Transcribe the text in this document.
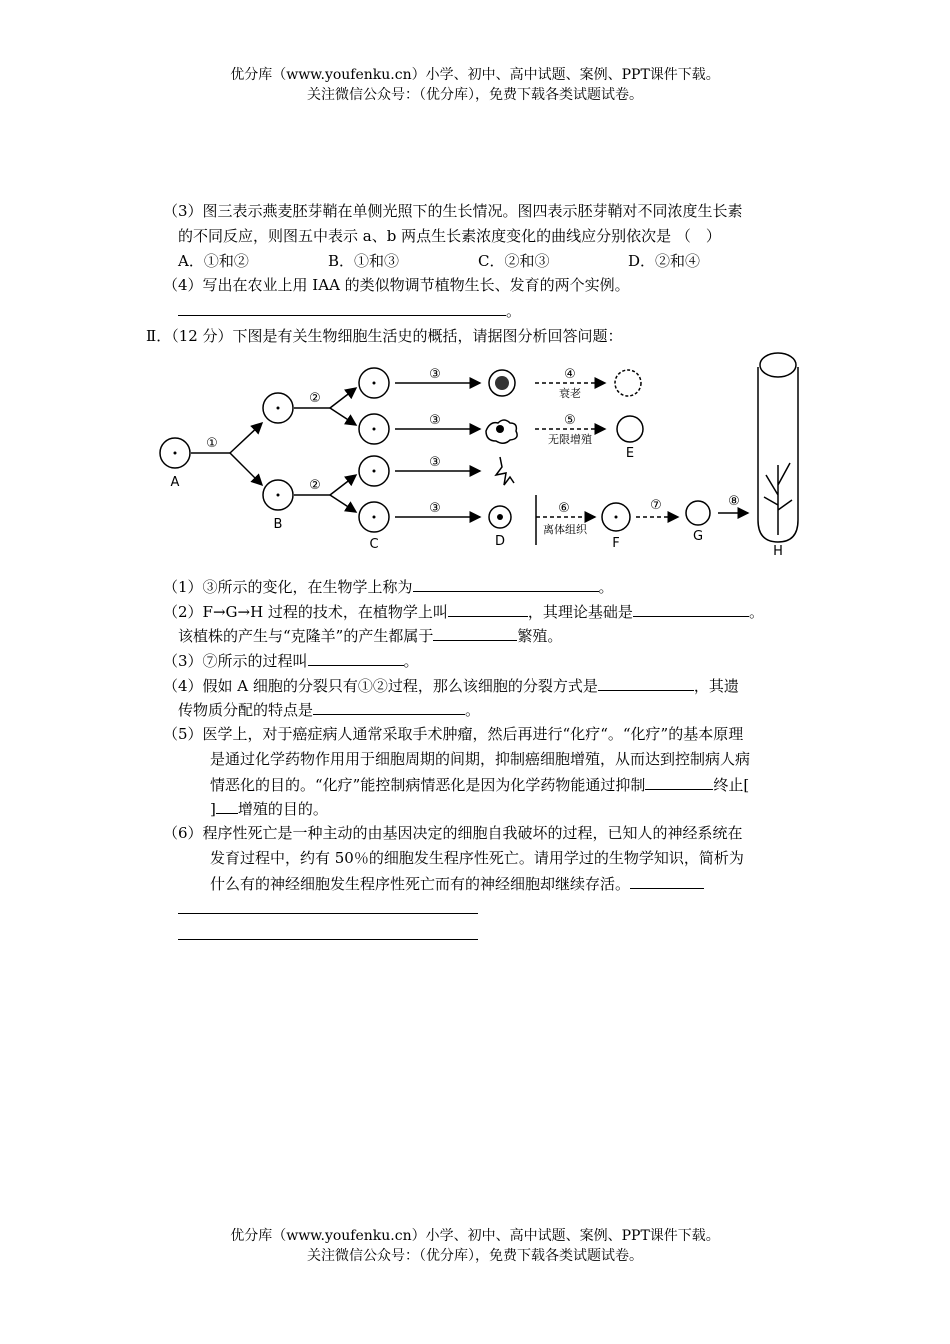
优分库（www.youfenku.cn）小学、初中、高中试题、案例、PPT课件下载。
关注微信公众号：（优分库），免费下载各类试题试卷。
（3）图三表示燕麦胚芽鞘在单侧光照下的生长情况。图四表示胚芽鞘对不同浓度生长素
的不同反应，则图五中表示 a、b 两点生长素浓度变化的曲线应分别依次是 （　）
A．①和②	B．①和③	C．②和③	D．②和④
（4）写出在农业上用 IAA 的类似物调节植物生长、发育的两个实例。
。
Ⅱ．（12 分）下图是有关生物细胞生活史的概括，请据图分析回答问题：
A
B
C	D
E
F	G
H
①
②
②
③
③
③
③
④
衰老
⑤
无限增殖
⑥
离体组织
⑦	⑧
（1）③所示的变化，在生物学上称为	。
（2）F→G→H 过程的技术，在植物学上叫	，其理论基础是	。
该植株的产生与“克隆羊”的产生都属于	繁殖。
（3）⑦所示的过程叫	。
（4）假如 A 细胞的分裂只有①②过程，那么该细胞的分裂方式是	，其遗
传物质分配的特点是	。
（5）医学上，对于癌症病人通常采取手术肿瘤，然后再进行“化疗“。“化疗”的基本原理
是通过化学药物作用用于细胞周期的间期，抑制癌细胞增殖，从而达到控制病人病
情恶化的目的。“化疗”能控制病情恶化是因为化学药物能通过抑制	终止[
] 增殖的目的。
（6）程序性死亡是一种主动的由基因决定的细胞自我破坏的过程，已知人的神经系统在
发育过程中，约有 50％的细胞发生程序性死亡。请用学过的生物学知识，简析为
什么有的神经细胞发生程序性死亡而有的神经细胞却继续存活。
优分库（www.youfenku.cn）小学、初中、高中试题、案例、PPT课件下载。
关注微信公众号：（优分库），免费下载各类试题试卷。
